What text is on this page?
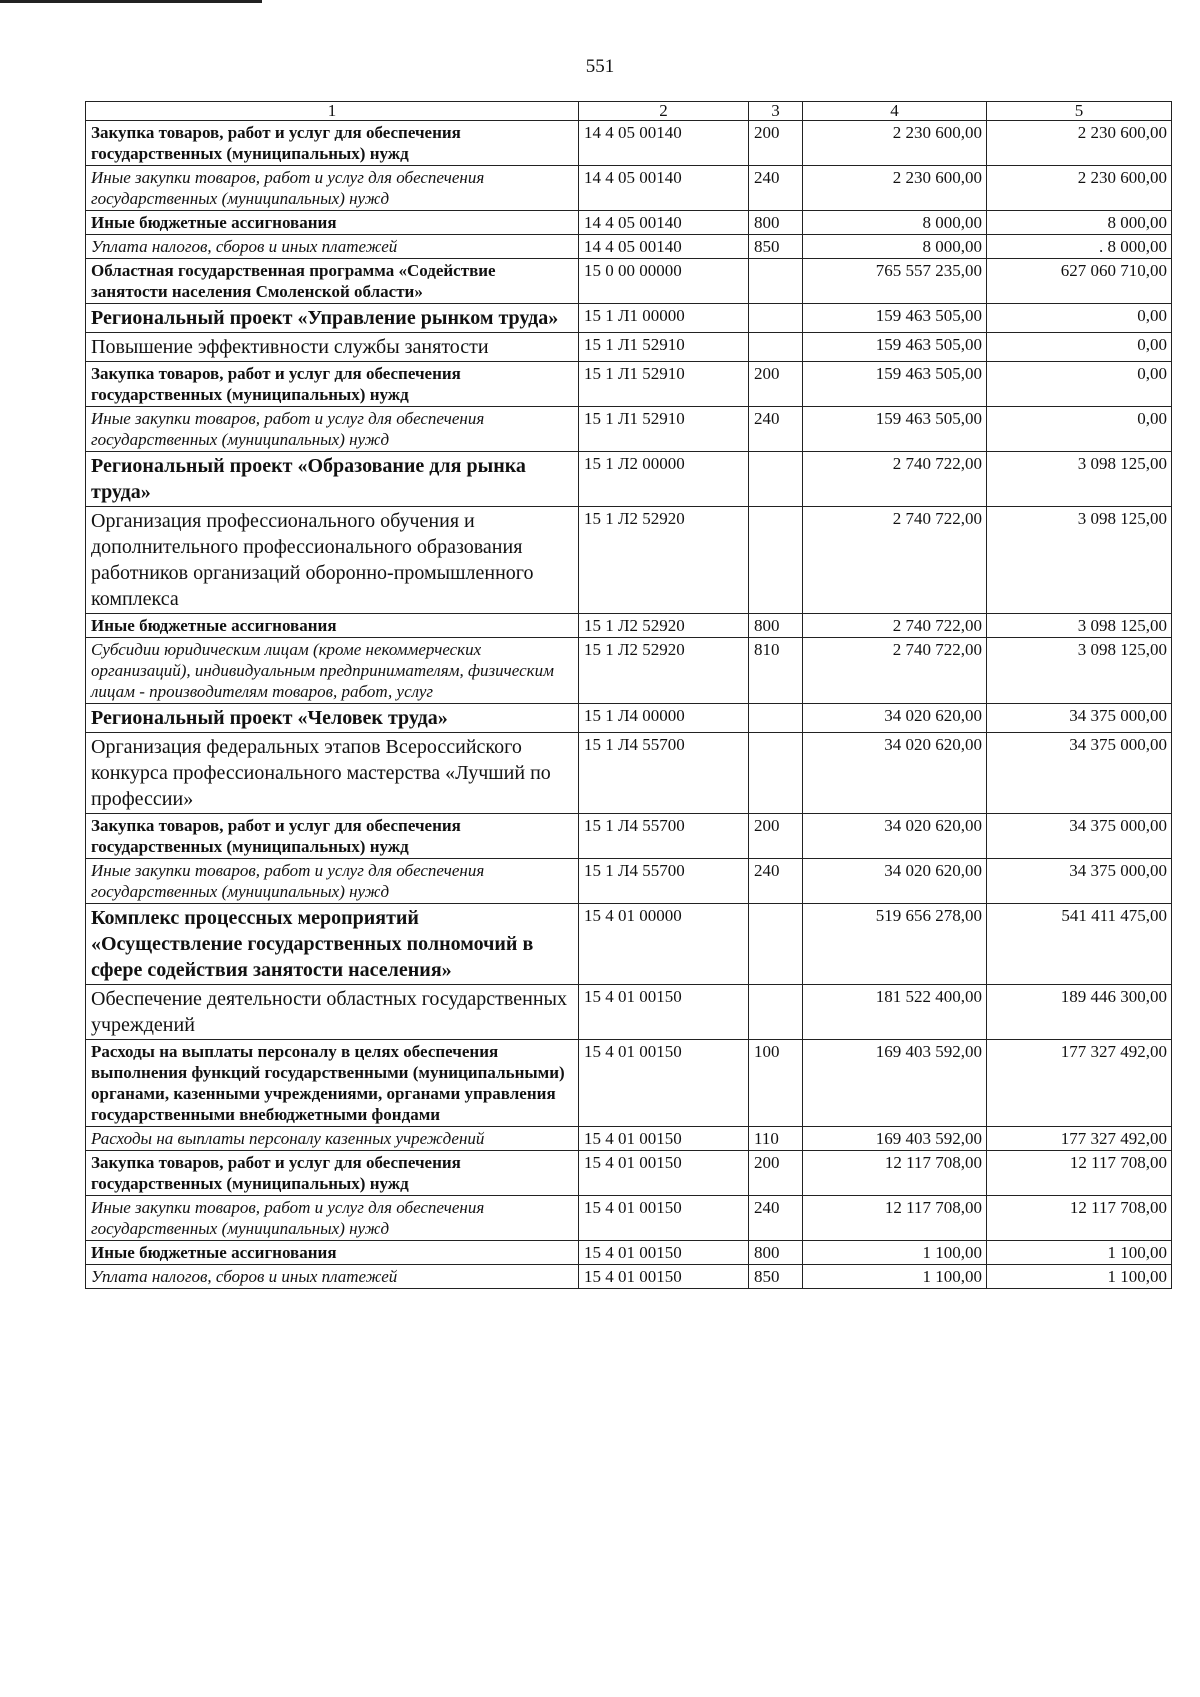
551
1	2	3	4	5
Закупка товаров, работ и услуг для обеспечения государственных (муниципальных) нужд	14 4 05 00140	200	2 230 600,00	2 230 600,00
Иные закупки товаров, работ и услуг для обеспечения государственных (муниципальных) нужд	14 4 05 00140	240	2 230 600,00	2 230 600,00
Иные бюджетные ассигнования	14 4 05 00140	800	8 000,00	8 000,00
Уплата налогов, сборов и иных платежей	14 4 05 00140	850	8 000,00	. 8 000,00
Областная государственная программа «Содействие занятости населения Смоленской области»	15 0 00 00000		765 557 235,00	627 060 710,00
Региональный проект «Управление рынком труда»	15 1 Л1 00000		159 463 505,00	0,00
Повышение эффективности службы занятости	15 1 Л1 52910		159 463 505,00	0,00
Закупка товаров, работ и услуг для обеспечения государственных (муниципальных) нужд	15 1 Л1 52910	200	159 463 505,00	0,00
Иные закупки товаров, работ и услуг для обеспечения государственных (муниципальных) нужд	15 1 Л1 52910	240	159 463 505,00	0,00
Региональный проект «Образование для рынка труда»	15 1 Л2 00000		2 740 722,00	3 098 125,00
Организация профессионального обучения и дополнительного профессионального образования работников организаций оборонно-промышленного комплекса	15 1 Л2 52920		2 740 722,00	3 098 125,00
Иные бюджетные ассигнования	15 1 Л2 52920	800	2 740 722,00	3 098 125,00
Субсидии юридическим лицам (кроме некоммерческих организаций), индивидуальным предпринимателям, физическим лицам - производителям товаров, работ, услуг	15 1 Л2 52920	810	2 740 722,00	3 098 125,00
Региональный проект «Человек труда»	15 1 Л4 00000		34 020 620,00	34 375 000,00
Организация федеральных этапов Всероссийского конкурса профессионального мастерства «Лучший по профессии»	15 1 Л4 55700		34 020 620,00	34 375 000,00
Закупка товаров, работ и услуг для обеспечения государственных (муниципальных) нужд	15 1 Л4 55700	200	34 020 620,00	34 375 000,00
Иные закупки товаров, работ и услуг для обеспечения государственных (муниципальных) нужд	15 1 Л4 55700	240	34 020 620,00	34 375 000,00
Комплекс процессных мероприятий «Осуществление государственных полномочий в сфере содействия занятости населения»	15 4 01 00000		519 656 278,00	541 411 475,00
Обеспечение деятельности областных государственных учреждений	15 4 01 00150		181 522 400,00	189 446 300,00
Расходы на выплаты персоналу в целях обеспечения выполнения функций государственными (муниципальными) органами, казенными учреждениями, органами управления государственными внебюджетными фондами	15 4 01 00150	100	169 403 592,00	177 327 492,00
Расходы на выплаты персоналу казенных учреждений	15 4 01 00150	110	169 403 592,00	177 327 492,00
Закупка товаров, работ и услуг для обеспечения государственных (муниципальных) нужд	15 4 01 00150	200	12 117 708,00	12 117 708,00
Иные закупки товаров, работ и услуг для обеспечения государственных (муниципальных) нужд	15 4 01 00150	240	12 117 708,00	12 117 708,00
Иные бюджетные ассигнования	15 4 01 00150	800	1 100,00	1 100,00
Уплата налогов, сборов и иных платежей	15 4 01 00150	850	1 100,00	1 100,00
